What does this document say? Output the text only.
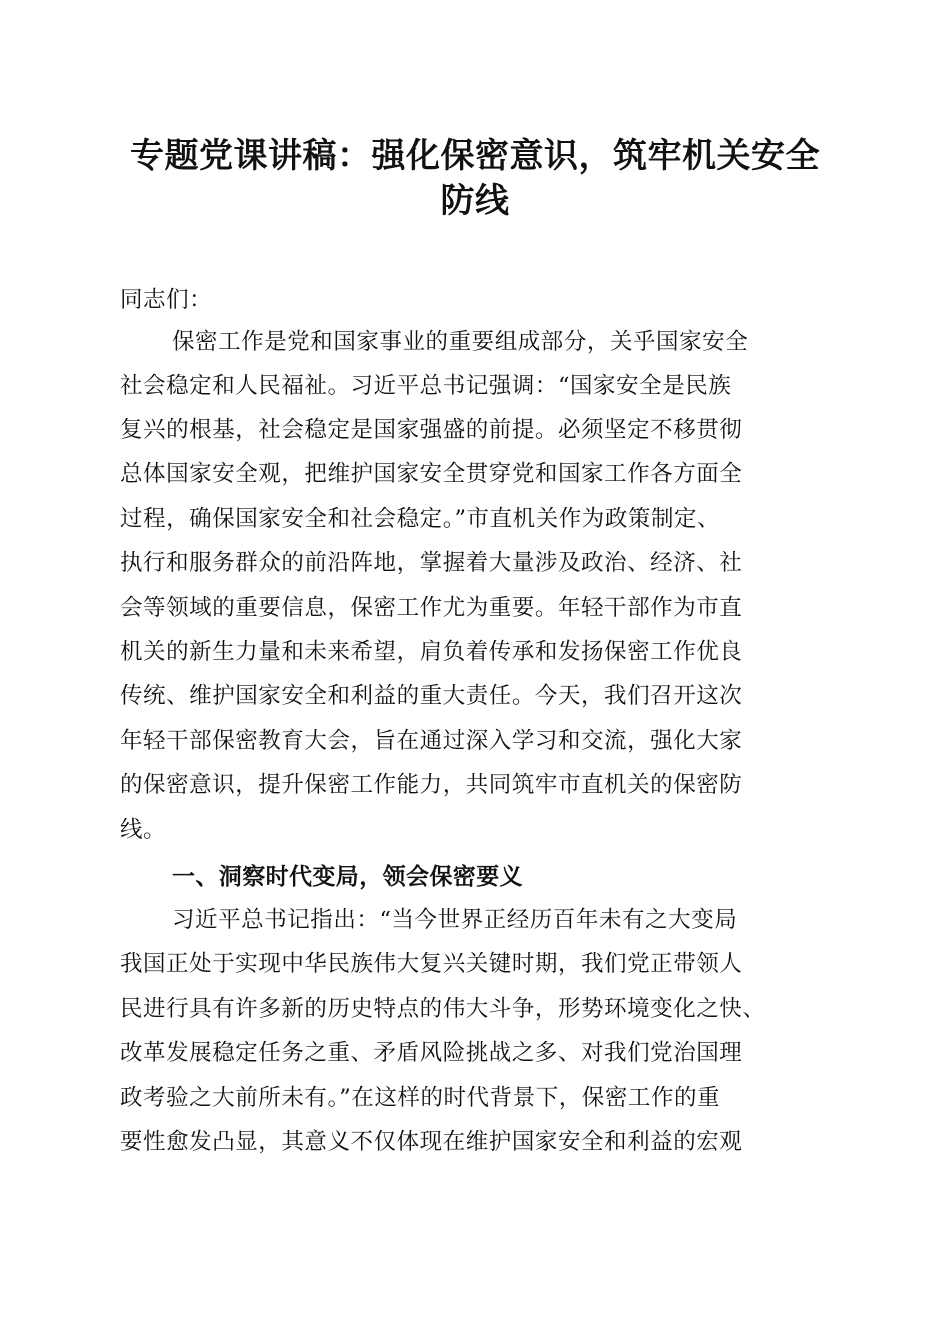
专题党课讲稿：强化保密意识，筑牢机关安全
防线
同志们：
保密工作是党和国家事业的重要组成部分，关乎国家安全
社会稳定和人民福祉。习近平总书记强调：“国家安全是民族
复兴的根基，社会稳定是国家强盛的前提。必须坚定不移贯彻
总体国家安全观，把维护国家安全贯穿党和国家工作各方面全
过程，确保国家安全和社会稳定。”市直机关作为政策制定、
执行和服务群众的前沿阵地，掌握着大量涉及政治、经济、社
会等领域的重要信息，保密工作尤为重要。年轻干部作为市直
机关的新生力量和未来希望，肩负着传承和发扬保密工作优良
传统、维护国家安全和利益的重大责任。今天，我们召开这次
年轻干部保密教育大会，旨在通过深入学习和交流，强化大家
的保密意识，提升保密工作能力，共同筑牢市直机关的保密防
线。
一、洞察时代变局，领会保密要义
习近平总书记指出：“当今世界正经历百年未有之大变局
我国正处于实现中华民族伟大复兴关键时期，我们党正带领人
民进行具有许多新的历史特点的伟大斗争，形势环境变化之快、
改革发展稳定任务之重、矛盾风险挑战之多、对我们党治国理
政考验之大前所未有。”在这样的时代背景下，保密工作的重
要性愈发凸显，其意义不仅体现在维护国家安全和利益的宏观
